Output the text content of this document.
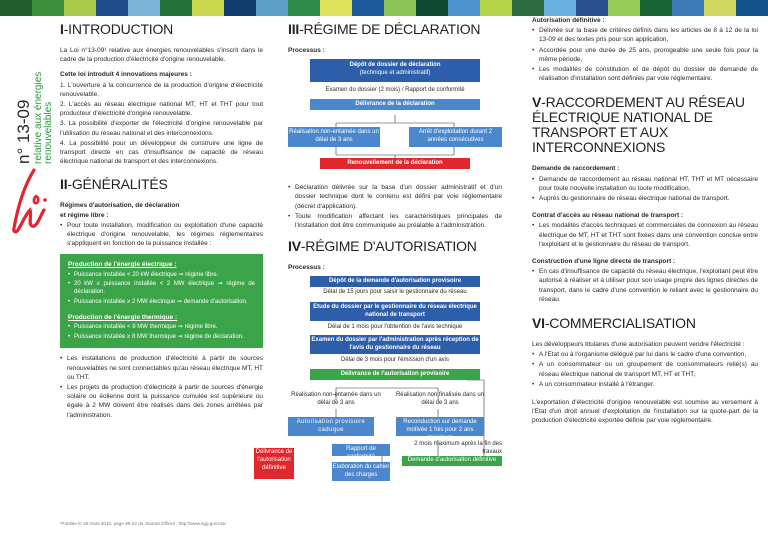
n° 13-09 relative aux énergies renouvelables
I-INTRODUCTION

La Loi n°13-09¹ relative aux énergies renouvelables s'inscrit dans le cadre de la production d'électricité d'origine renouvelable.

Cette loi introduit 4 innovations majeures :

1. L'ouverture à la concurrence de la production d'origine d'électricité renouvelable.
2. L'accès au réseau électrique national MT, HT et THT pour tout producteur d'électricité d'origine renouvelable.
3. La possibilité d'exporter de l'électricité d'origine renouvelable par l'utilisation du réseau national et des interconnexions.
4. La possibilité pour un développeur de construire une ligne de transport directe en cas d'insuffisance de capacité de réseau électrique national de transport et des interconnexions.
II-GÉNÉRALITÉS

Régimes d'autorisation, de déclaration
et régime libre :

• Pour toute installation, modification ou exploitation d'une capacité électrique d'origine renouvelable, les régimes réglementaires s'appliquent en fonction de la puissance installée :
Production de l'énergie électrique :
• Puissance installée < 20 kW électrique ➞ régime libre.
• 20 kW ≤ puissance installée < 2 MW électrique ➞ régime de déclaration.
• Puissance installée ≥ 2 MW électrique ➞ demande d'autorisation.
Production de l'énergie thermique :
• Puissance installée < 8 MW thermique ➞ régime libre.
• Puissance installée ≥ 8 MW thermique ➞ régime de déclaration.
• Les installations de production d'électricité à partir de sources renouvelables ne sont connectables qu'au réseau électrique MT, HT ou THT.
• Les projets de production d'électricité à partir de sources d'énergie solaire ou éolienne dont la puissance cumulée est supérieure ou égale à 2 MW doivent être réalisés dans des zones arrêtées par l'administration.
¹Publiée le 18 mars 2010, page 99-22 du Journal Officiel : http://www.sgg.gov.ma/
III-RÉGIME DE DÉCLARATION

Processus :

Dépôt de dossier de déclaration
(technique et administratif)
Examen du dossier (2 mois) / Rapport de conformité
Délivrance de la déclaration
Réalisation non-entamée dans un délai de 3 ans
Arrêt d'exploitation durant 2 années consécutives
Renouvellement de la déclaration
• Déclaration délivrée sur la base d'un dossier administratif et d'un dossier technique dont le contenu est défini par voie réglementaire (décret d'application).
• Toute modification affectant les caractéristiques principales de l'installation doit être communiquée au préalable à l'administration.
IV-RÉGIME D'AUTORISATION

Processus :

Dépôt de la demande d'autorisation provisoire
Délai de 15 jours pour saisir le gestionnaire du réseau
Etude du dossier par le gestionnaire du réseau électrique national de transport
Délai de 1 mois pour l'obtention de l'avis technique
Examen du dossier par l'administration après réception de l'avis du gestionnaire du réseau
Délai de 3 mois pour l'émission d'un avis
Délivrance de l'autorisation provisoire
Réalisation non-entamée dans un délai de 3 ans
Réalisation non finalisée dans un délai de 3 ans
Autorisation provisoire caduque
Reconduction sur demande motivée 1 fois pour 2 ans maximum
2 mois maximum après la fin des travaux
Rapport de conformité
Elaboration du cahier des charges
Délivrance de l'autorisation définitive
Demande d'autorisation définitive

Autorisation définitive :

• Délivrée sur la base de critères définis dans les articles de 8 à 12 de la loi 13-09 et des textes pris pour son application,
• Accordée pour une durée de 25 ans, prorogeable une seule fois pour la même période,
• Les modalités de constitution et de dépôt du dossier de demande de réalisation d'installation sont définies par voie réglementaire.
V-RACCORDEMENT AU RÉSEAU ÉLECTRIQUE NATIONAL DE TRANSPORT ET AUX INTERCONNEXIONS

Demande de raccordement :

• Demande de raccordement au réseau national HT, THT et MT nécessaire pour toute nouvelle installation ou toute modification,
• Auprès du gestionnaire de réseau électrique national de transport.

Contrat d'accès au réseau national de transport :

• Les modalités d'accès techniques et commerciales de connexion au réseau électrique de MT, HT et THT sont fixées dans une convention conclue entre l'exploitant et le gestionnaire du réseau de transport.

Construction d'une ligne directe de transport :

• En cas d'insuffisance de capacité du réseau électrique, l'exploitant peut être autorisé à réaliser et à utiliser pour son usage propre des lignes directes de transport, dans le cadre d'une convention le reliant avec le gestionnaire du réseau.
VI-COMMERCIALISATION

Les développeurs titulaires d'une autorisation peuvent vendre l'électricité :

• A l'Etat ou à l'organisme délégué par lui dans le cadre d'une convention,
• A un consommateur ou un groupement de consommateurs relié(s) au réseau électrique national de transport MT, HT et THT,
• A un consommateur installé à l'étranger.

L'exportation d'électricité d'origine renouvelable est soumise au versement à l'Etat d'un droit annuel d'exploitation de l'installation sur la quote-part de la production d'électricité exportée définie par voie réglementaire.
